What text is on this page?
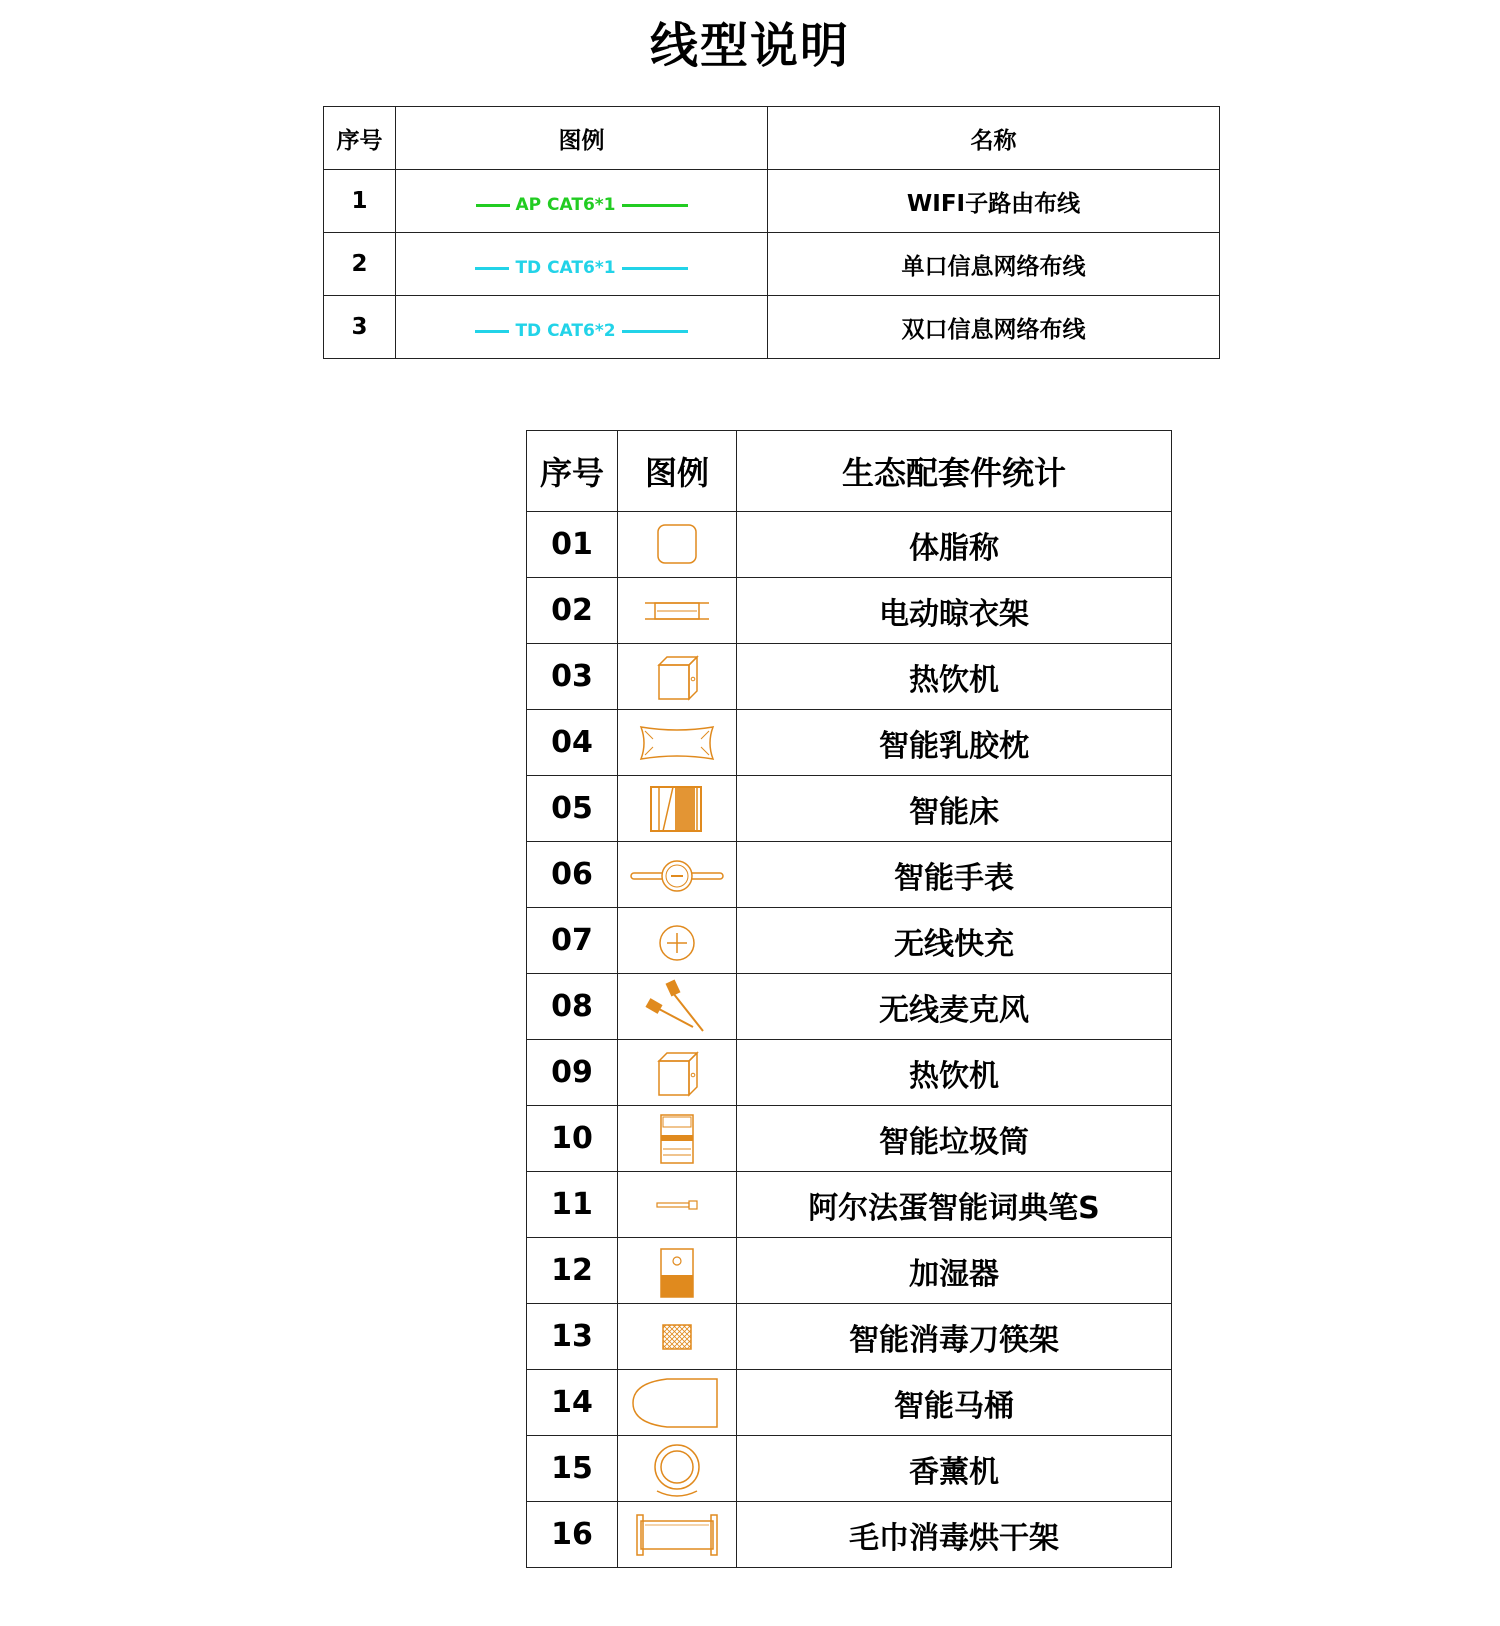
线型说明
序号	图例	名称
1	AP CAT6*1	WIFI子路由布线
2	TD CAT6*1	单口信息网络布线
3	TD CAT6*2	双口信息网络布线
序号	图例	生态配套件统计
01		体脂称
02		电动晾衣架
03		热饮机
04		智能乳胶枕
05		智能床
06		智能手表
07		无线快充
08		无线麦克风
09		热饮机
10		智能垃圾筒
11		阿尔法蛋智能词典笔S
12		加湿器
13		智能消毒刀筷架
14		智能马桶
15		香薰机
16		毛巾消毒烘干架
